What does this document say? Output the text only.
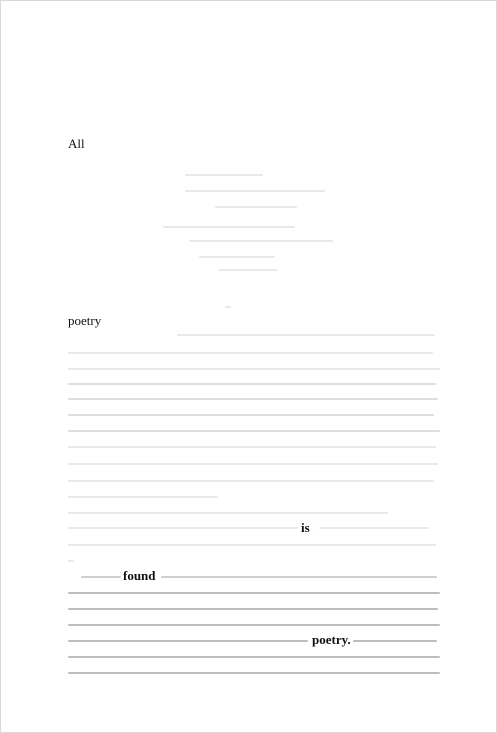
All
poetry
is
found
poetry.
